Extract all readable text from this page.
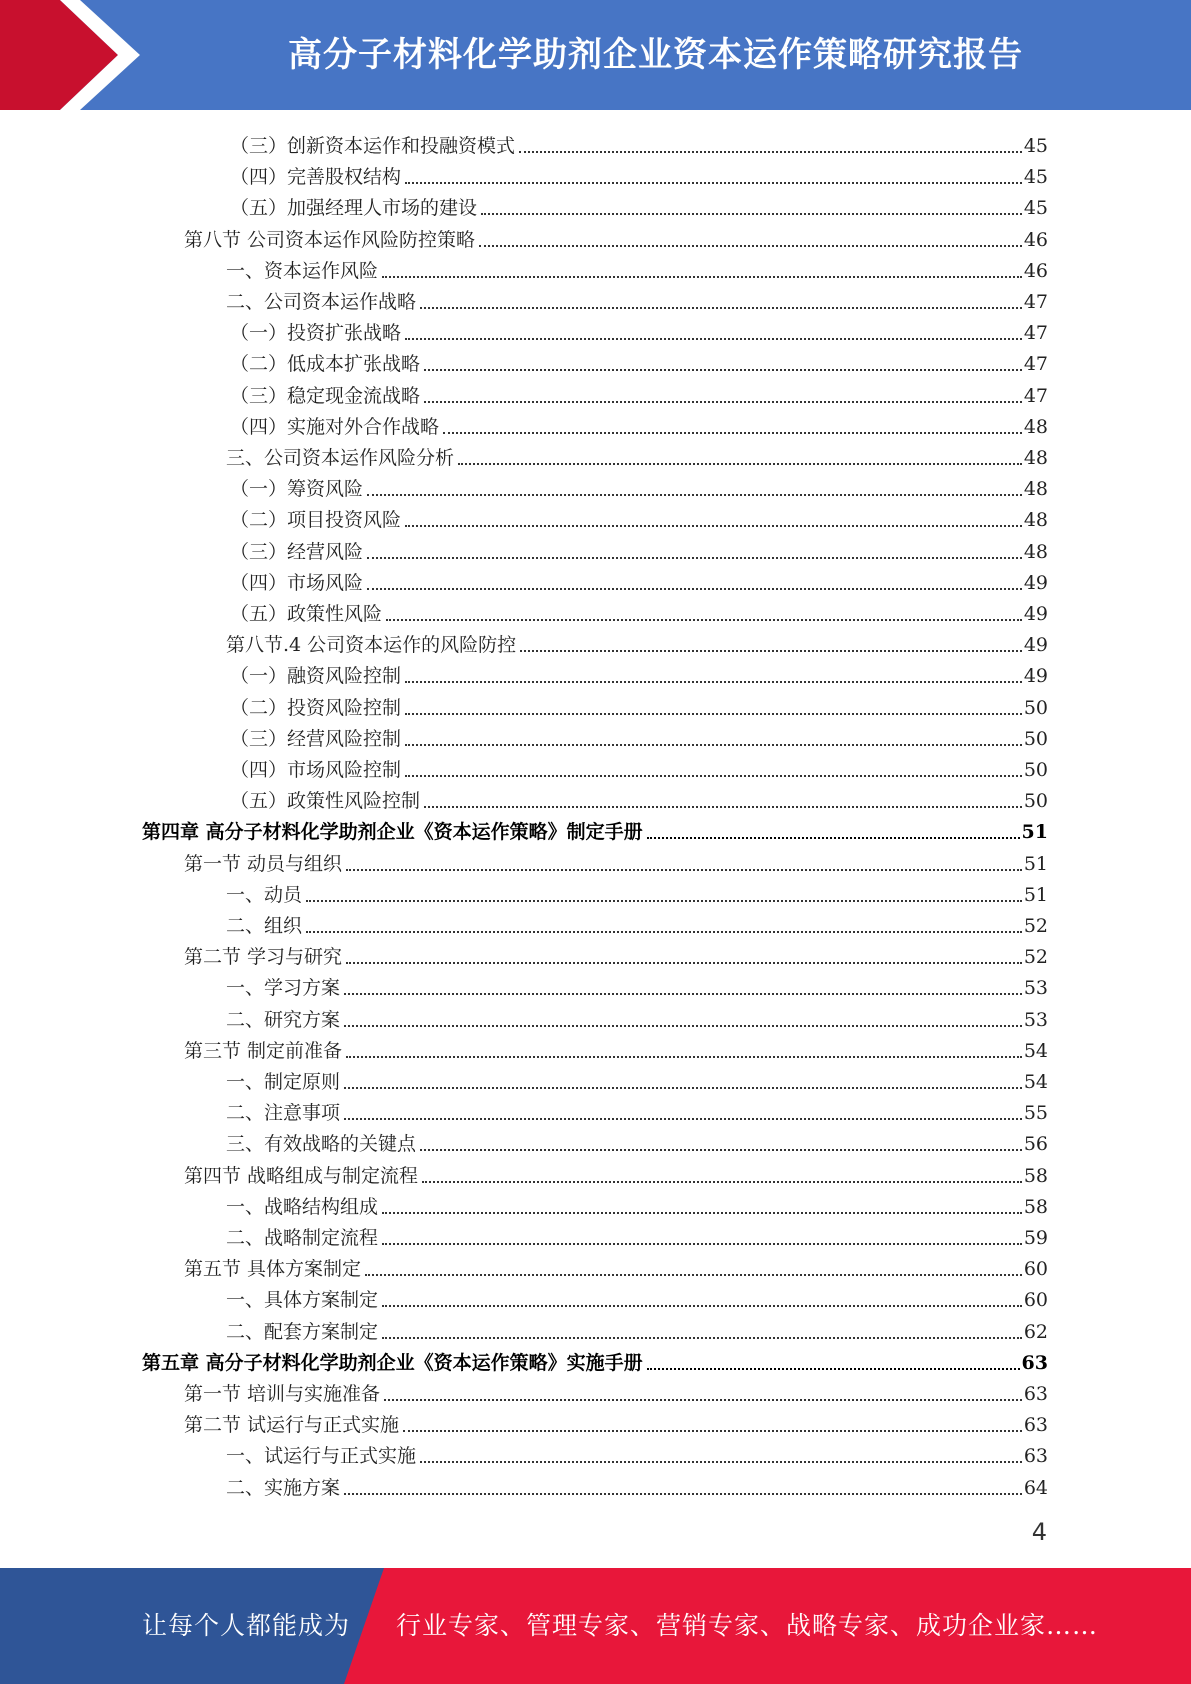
高分子材料化学助剂企业资本运作策略研究报告
（三）创新资本运作和投融资模式	45
（四）完善股权结构	45
（五）加强经理人市场的建设	45
第八节 公司资本运作风险防控策略	46
一、资本运作风险	46
二、公司资本运作战略	47
（一）投资扩张战略	47
（二）低成本扩张战略	47
（三）稳定现金流战略	47
（四）实施对外合作战略	48
三、公司资本运作风险分析	48
（一）筹资风险	48
（二）项目投资风险	48
（三）经营风险	48
（四）市场风险	49
（五）政策性风险	49
第八节.4 公司资本运作的风险防控	49
（一）融资风险控制	49
（二）投资风险控制	50
（三）经营风险控制	50
（四）市场风险控制	50
（五）政策性风险控制	50
第四章 高分子材料化学助剂企业《资本运作策略》制定手册	51
第一节 动员与组织	51
一、动员	51
二、组织	52
第二节 学习与研究	52
一、学习方案	53
二、研究方案	53
第三节 制定前准备	54
一、制定原则	54
二、注意事项	55
三、有效战略的关键点	56
第四节 战略组成与制定流程	58
一、战略结构组成	58
二、战略制定流程	59
第五节 具体方案制定	60
一、具体方案制定	60
二、配套方案制定	62
第五章 高分子材料化学助剂企业《资本运作策略》实施手册	63
第一节 培训与实施准备	63
第二节 试运行与正式实施	63
一、试运行与正式实施	63
二、实施方案	64
4
让每个人都能成为 行业专家、管理专家、营销专家、战略专家、成功企业家……
